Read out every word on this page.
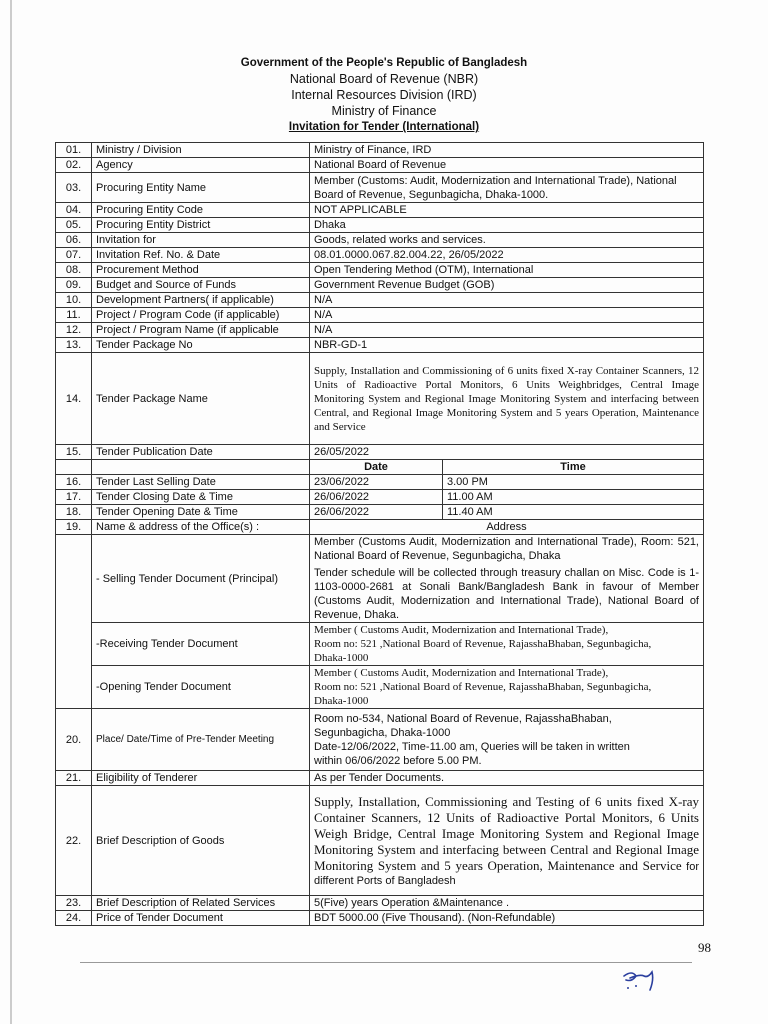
Government of the People's Republic of Bangladesh
National Board of Revenue (NBR)
Internal Resources Division (IRD)
Ministry of Finance
Invitation for Tender (International)
01.	Ministry / Division	Ministry of Finance, IRD	
02.	Agency	National Board of Revenue	
03.	Procuring Entity Name	Member (Customs: Audit, Modernization and International Trade), National Board of Revenue, Segunbagicha, Dhaka-1000.	
04.	Procuring Entity Code	NOT APPLICABLE	
05.	Procuring Entity District	Dhaka	
06.	Invitation for	Goods, related works and services.	
07.	Invitation Ref. No. & Date	08.01.0000.067.82.004.22, 26/05/2022	
08.	Procurement Method	Open Tendering Method (OTM), International	
09.	Budget and Source of Funds	Government Revenue Budget (GOB)	
10.	Development Partners( if applicable)	N/A	
11.	Project / Program Code (if applicable)	N/A	
12.	Project / Program Name (if applicable	N/A	
13.	Tender Package No	NBR-GD-1	
14.	Tender Package Name	Supply, Installation and Commissioning of 6 units fixed X-ray Container Scanners, 12 Units of Radioactive Portal Monitors, 6 Units Weighbridges, Central Image Monitoring System and Regional Image Monitoring System and interfacing between Central, and Regional Image Monitoring System and 5 years Operation, Maintenance and Service	
15.	Tender Publication Date	26/05/2022	
		Date	Time
16.	Tender Last Selling Date	23/06/2022	3.00 PM
17.	Tender Closing Date & Time	26/06/2022	11.00 AM
18.	Tender Opening Date & Time	26/06/2022	11.40 AM
19.	Name & address of the Office(s) :	Address	
	- Selling Tender Document (Principal)	Member (Customs Audit, Modernization and International Trade), Room: 521, National Board of Revenue, Segunbagicha, Dhaka
Tender schedule will be collected through treasury challan on Misc. Code is 1-1103-0000-2681 at Sonali Bank/Bangladesh Bank in favour of Member (Customs Audit, Modernization and International Trade), National Board of Revenue, Dhaka.	

	-Receiving Tender Document	Member ( Customs Audit, Modernization and International Trade),
Room no: 521 ,National Board of Revenue, RajasshaBhaban, Segunbagicha,
Dhaka-1000	

	-Opening Tender Document	Member ( Customs Audit, Modernization and International Trade),
Room no: 521 ,National Board of Revenue, RajasshaBhaban, Segunbagicha,
Dhaka-1000	

20.	Place/ Date/Time of Pre-Tender Meeting	Room no-534, National Board of Revenue, RajasshaBhaban,
Segunbagicha, Dhaka-1000
Date-12/06/2022, Time-11.00 am, Queries will be taken in written
within 06/06/2022 before 5.00 PM.	

21.	Eligibility of Tenderer	As per Tender Documents.	
22.	Brief Description of Goods	Supply, Installation, Commissioning and Testing of 6 units fixed X-ray Container Scanners, 12 Units of Radioactive Portal Monitors, 6 Units Weigh Bridge, Central Image Monitoring System and Regional Image Monitoring System and interfacing between Central and Regional Image Monitoring System and 5 years Operation, Maintenance and Service for different Ports of Bangladesh	
23.	Brief Description of Related Services	5(Five) years Operation &Maintenance .	
24.	Price of Tender Document	BDT 5000.00 (Five Thousand). (Non-Refundable)	
98
